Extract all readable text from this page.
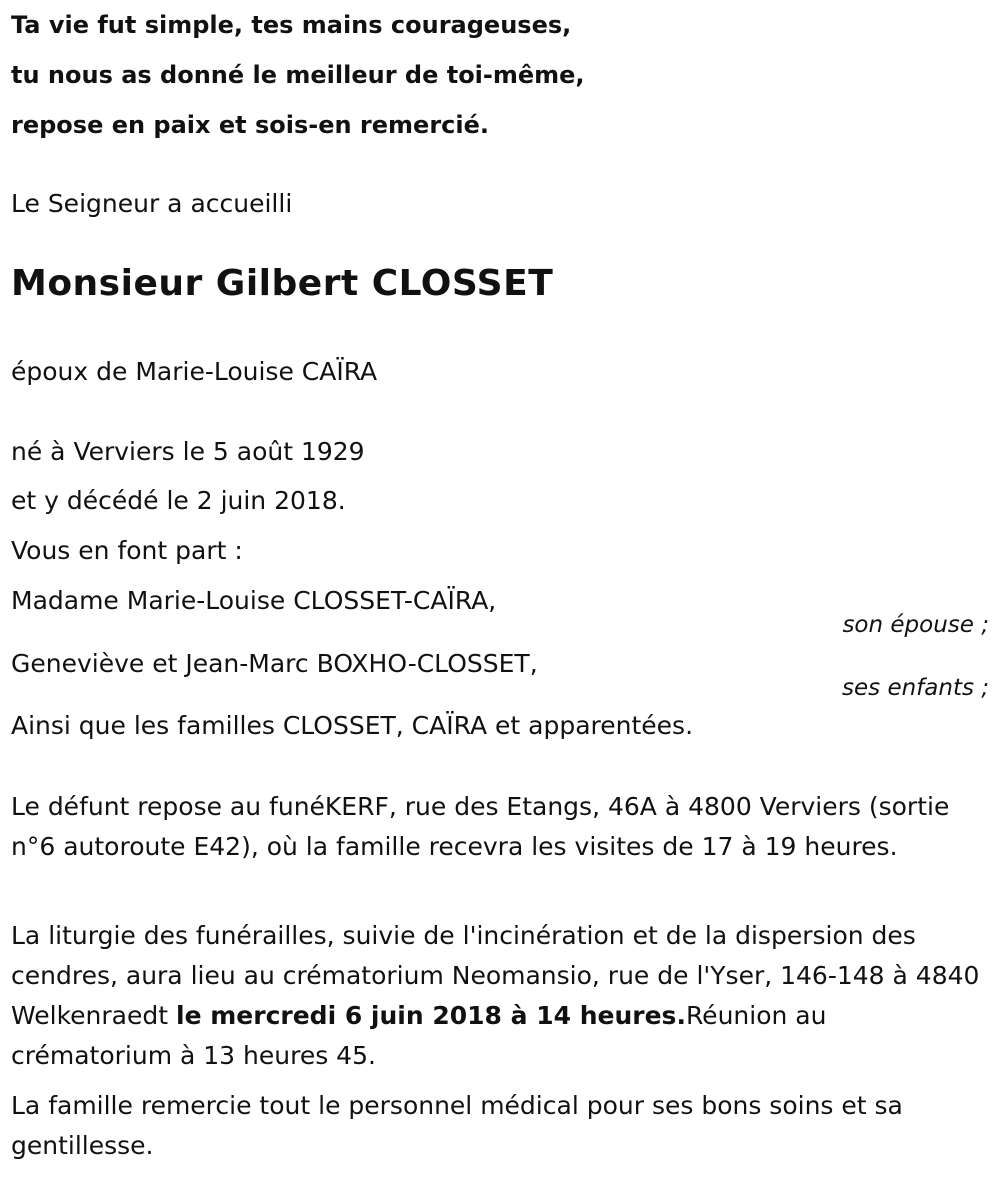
Ta vie fut simple, tes mains courageuses,
tu nous as donné le meilleur de toi-même,
repose en paix et sois-en remercié.
Le Seigneur a accueilli
Monsieur Gilbert CLOSSET
époux de Marie-Louise CAÏRA
né à Verviers le 5 août 1929
et y décédé le 2 juin 2018.
Vous en font part :
Madame Marie-Louise CLOSSET-CAÏRA,
son épouse ;
Geneviève et Jean-Marc BOXHO-CLOSSET,
ses enfants ;
Ainsi que les familles CLOSSET, CAÏRA et apparentées.
Le défunt repose au funéKERF, rue des Etangs, 46A à 4800 Verviers (sortie n°6 autoroute E42), où la famille recevra les visites de 17 à 19 heures.
La liturgie des funérailles, suivie de l'incinération et de la dispersion des cendres, aura lieu au crématorium Neomansio, rue de l'Yser, 146-148 à 4840 Welkenraedt le mercredi 6 juin 2018 à 14 heures.Réunion au crématorium à 13 heures 45.
La famille remercie tout le personnel médical pour ses bons soins et sa gentillesse.
